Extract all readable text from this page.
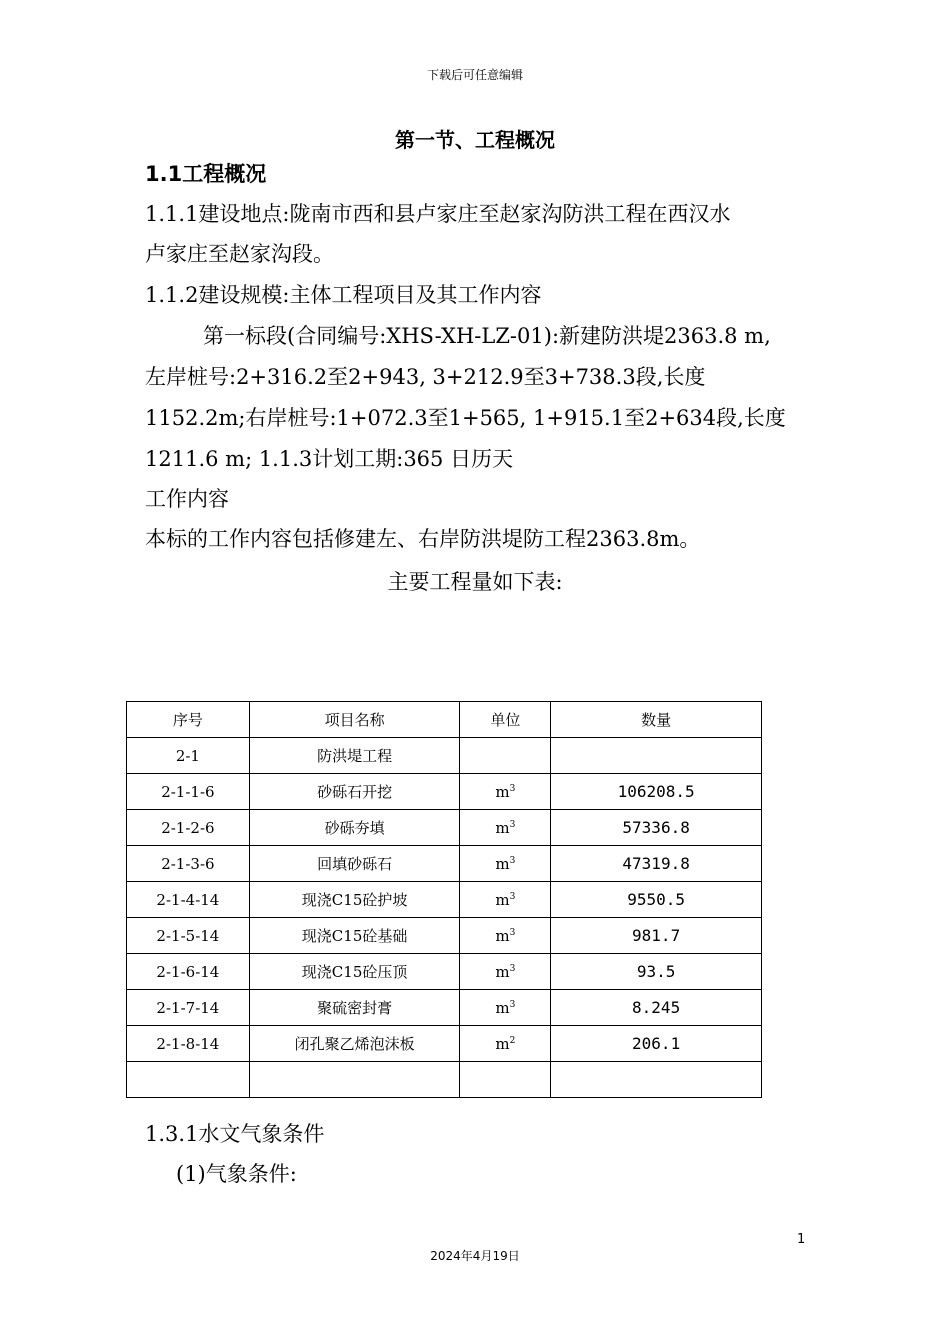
下载后可任意编辑
第一节、工程概况
1.1工程概况
1.1.1建设地点:陇南市西和县卢家庄至赵家沟防洪工程在西汉水
卢家庄至赵家沟段。
1.1.2建设规模:主体工程项目及其工作内容
第一标段(合同编号:XHS-XH-LZ-01):新建防洪堤2363.8 m,
左岸桩号:2+316.2至2+943, 3+212.9至3+738.3段,长度
1152.2m;右岸桩号:1+072.3至1+565, 1+915.1至2+634段,长度
1211.6 m; 1.1.3计划工期:365 日历天
工作内容
本标的工作内容包括修建左、右岸防洪堤防工程2363.8m。
主要工程量如下表:
序号	项目名称	单位	数量
2-1	防洪堤工程		
2-1-1-6	砂砾石开挖	$m^3$	106208.5
2-1-2-6	砂砾夯填	$m^3$	57336.8
2-1-3-6	回填砂砾石	$m^3$	47319.8
2-1-4-14	现浇C15砼护坡	$m^3$	9550.5
2-1-5-14	现浇C15砼基础	$m^3$	981.7
2-1-6-14	现浇C15砼压顶	$m^3$	93.5
2-1-7-14	聚硫密封膏	$m^3$	8.245
2-1-8-14	闭孔聚乙烯泡沫板	$m^2$	206.1

1.3.1水文气象条件
(1)气象条件:
1
2024年4月19日
